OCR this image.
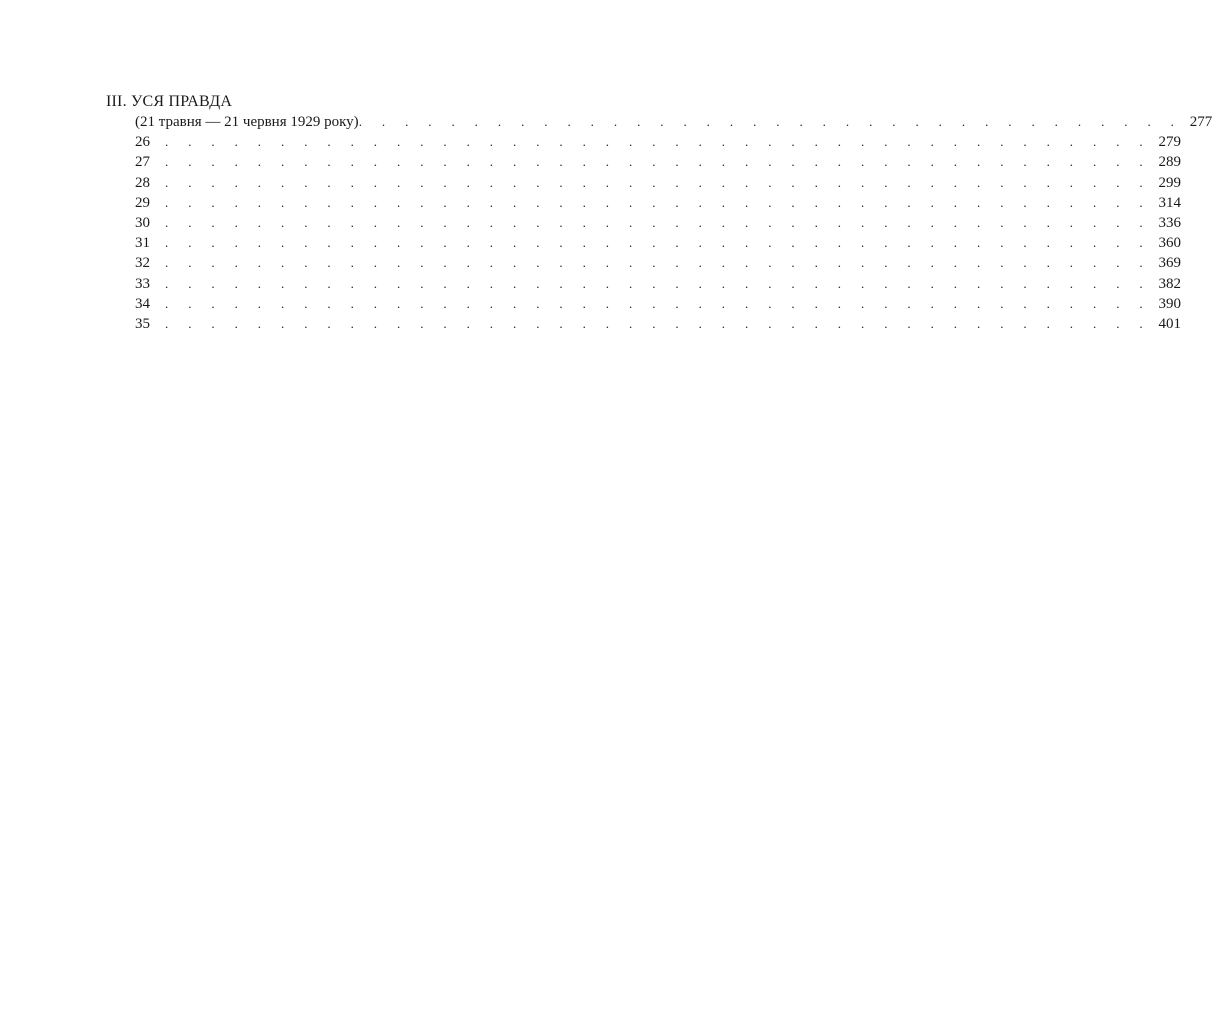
III. УСЯ ПРАВДА
(21 травня — 21 червня 1929 року) . . . . . . . . . . . . . . . . . . . . . . . . . . . . . . . . . . . . 277
26	. . . . . . . . . . . . . . . . . . . . . . . . . . . . . . . . . . . . . . . . . . . 279
27	. . . . . . . . . . . . . . . . . . . . . . . . . . . . . . . . . . . . . . . . . . . 289
28	. . . . . . . . . . . . . . . . . . . . . . . . . . . . . . . . . . . . . . . . . . . 299
29	. . . . . . . . . . . . . . . . . . . . . . . . . . . . . . . . . . . . . . . . . . . 314
30	. . . . . . . . . . . . . . . . . . . . . . . . . . . . . . . . . . . . . . . . . . . 336
31	. . . . . . . . . . . . . . . . . . . . . . . . . . . . . . . . . . . . . . . . . . . 360
32	. . . . . . . . . . . . . . . . . . . . . . . . . . . . . . . . . . . . . . . . . . . 369
33	. . . . . . . . . . . . . . . . . . . . . . . . . . . . . . . . . . . . . . . . . . . 382
34	. . . . . . . . . . . . . . . . . . . . . . . . . . . . . . . . . . . . . . . . . . . 390
35	. . . . . . . . . . . . . . . . . . . . . . . . . . . . . . . . . . . . . . . . . . . 401
